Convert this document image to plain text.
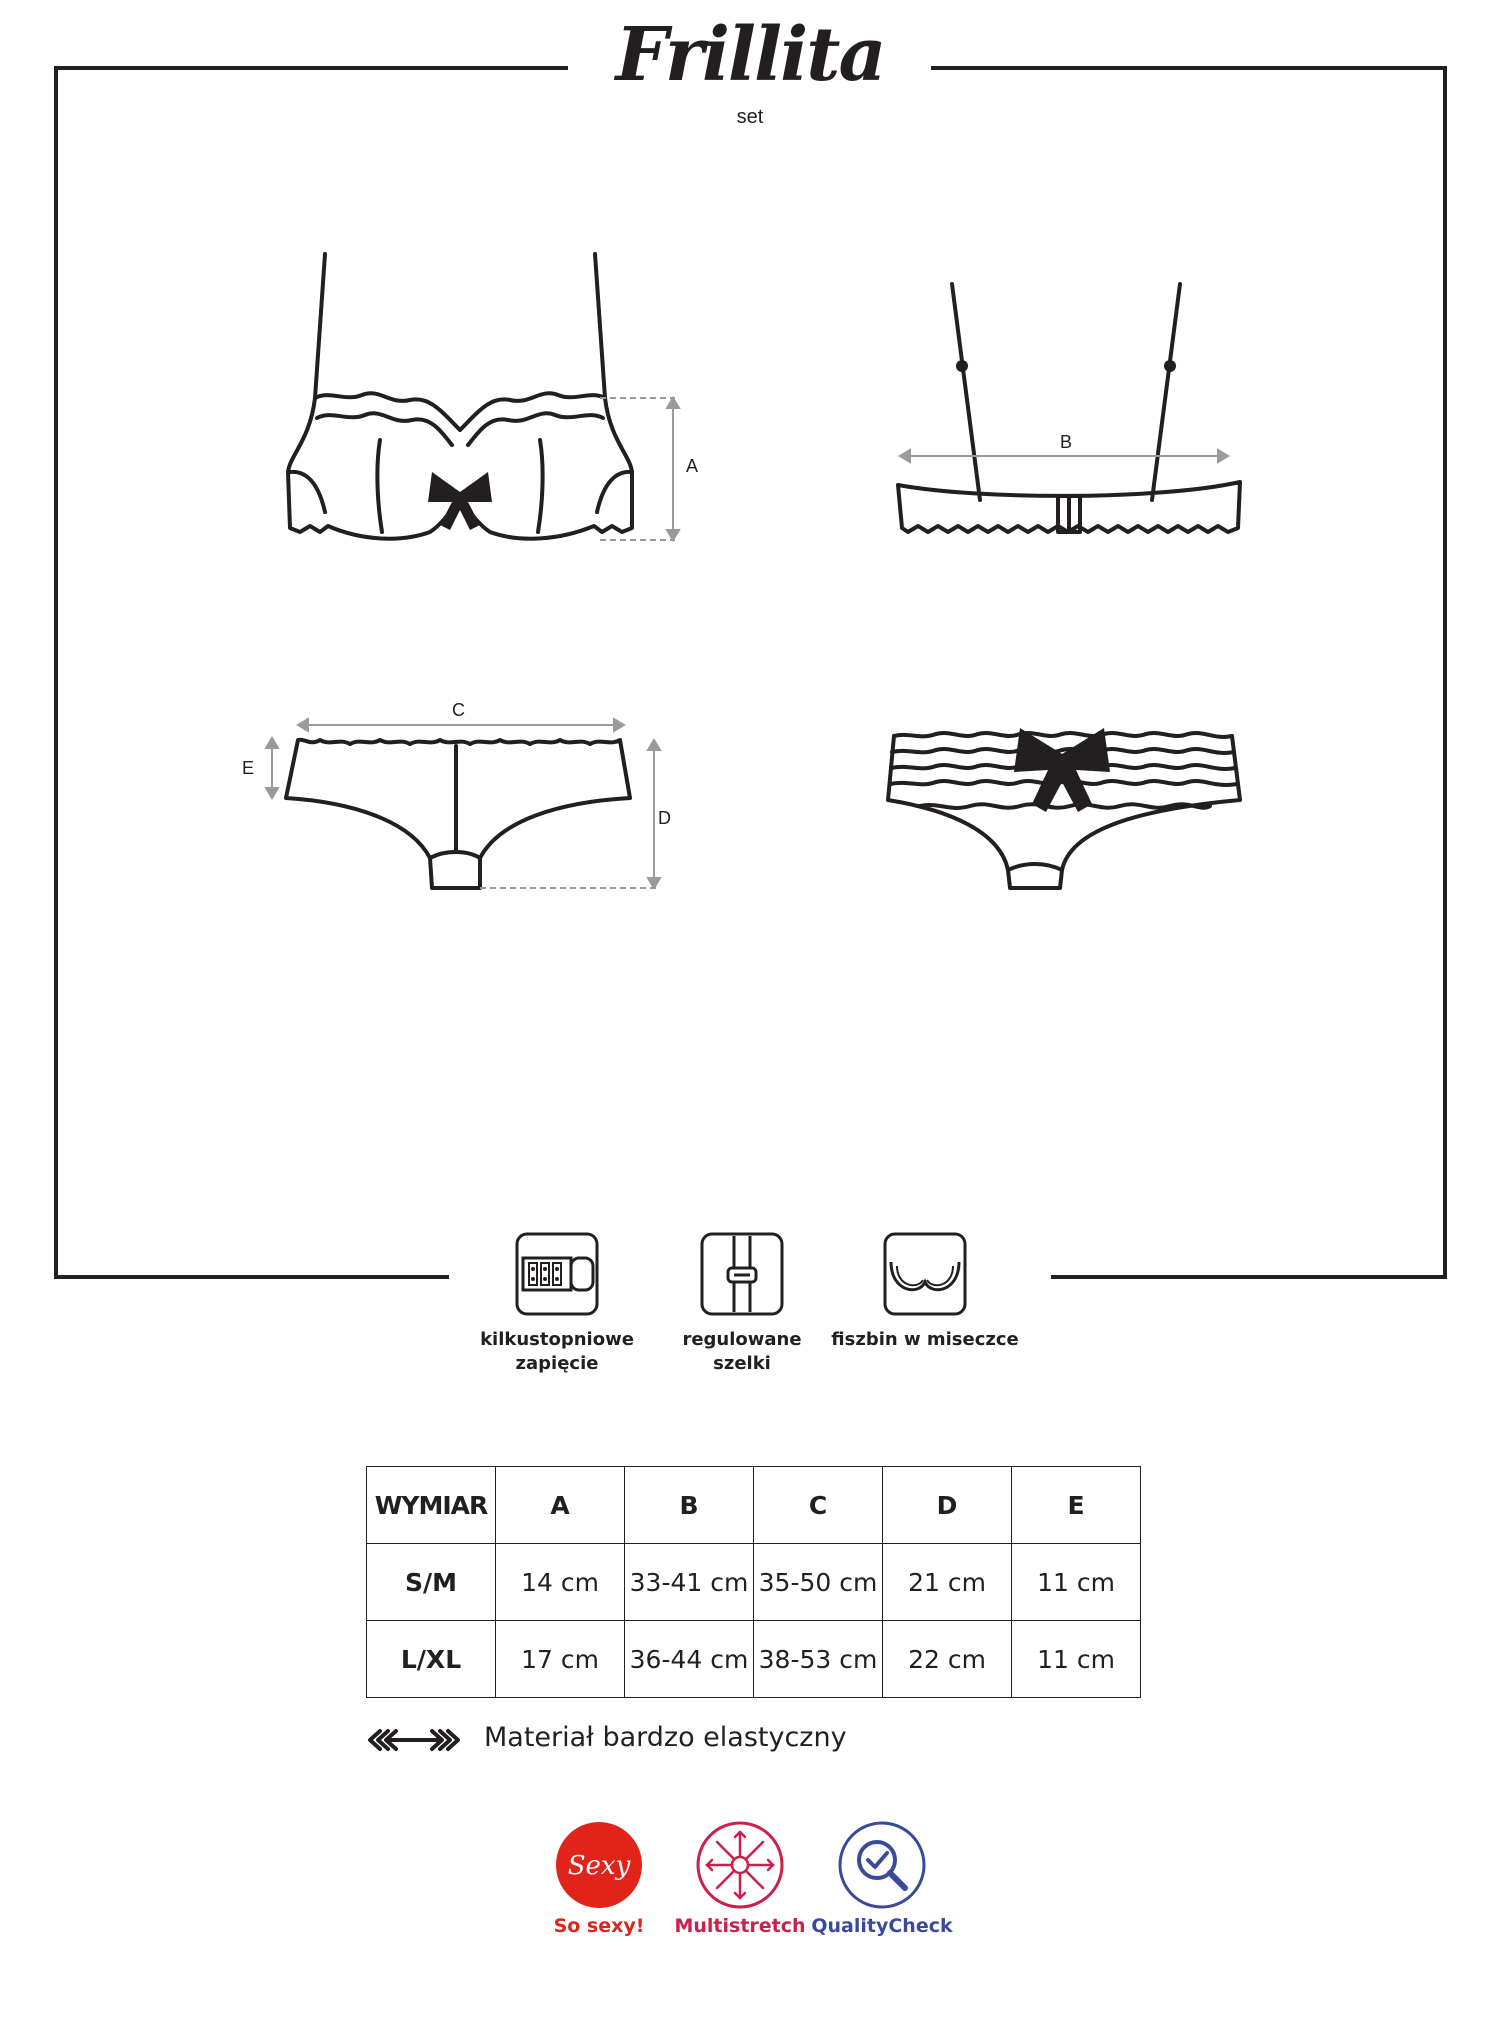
Frillita
set
A
B
C
E
D
kilkustopniowe
zapięcie
regulowane
szelki
fiszbin w miseczce
WYMIAR	A	B	C	D	E
S/M	14 cm	33-41 cm	35-50 cm	21 cm	11 cm
L/XL	17 cm	36-44 cm	38-53 cm	22 cm	11 cm
Materiał bardzo elastyczny
Sexy
So sexy!	Multistretch QualityCheck
